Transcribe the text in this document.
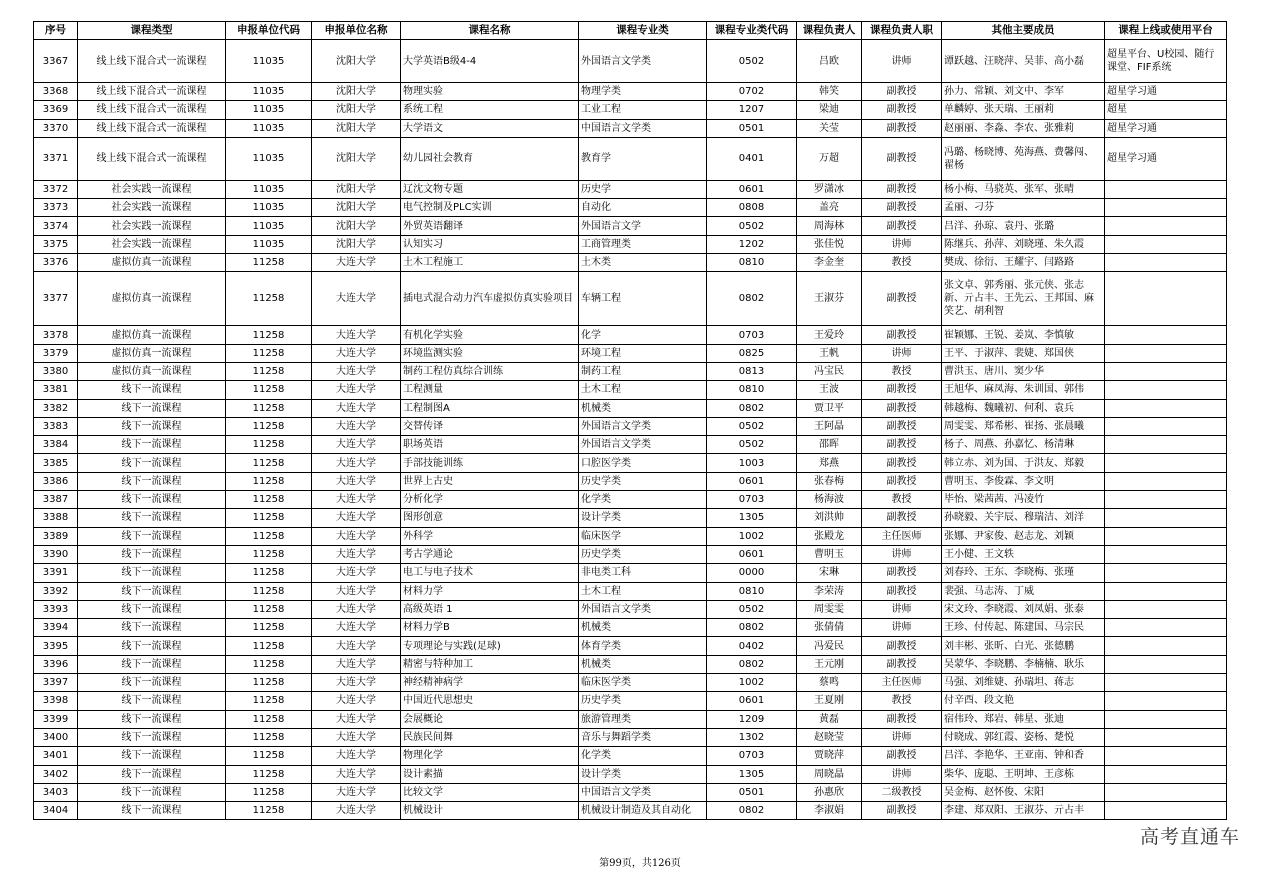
序号	课程类型	申报单位代码	申报单位名称	课程名称	课程专业类	课程专业类代码	课程负责人	课程负责人职	其他主要成员	课程上线或使用平台
3367	线上线下混合式一流课程	11035	沈阳大学	大学英语B级4-4	外国语言文学类	0502	吕欧	讲师	谭跃越、汪晓萍、吴菲、高小磊	超星平台、U校园、随行课堂、FIF系统
3368	线上线下混合式一流课程	11035	沈阳大学	物理实验	物理学类	0702	韩笑	副教授	孙力、常颖、刘文中、李军	超星学习通
3369	线上线下混合式一流课程	11035	沈阳大学	系统工程	工业工程	1207	梁迪	副教授	单麟婷、张天瑞、王丽莉	超星
3370	线上线下混合式一流课程	11035	沈阳大学	大学语文	中国语言文学类	0501	关莹	副教授	赵丽丽、李淼、李农、张雅莉	超星学习通
3371	线上线下混合式一流课程	11035	沈阳大学	幼儿园社会教育	教育学	0401	万超	副教授	冯璐、杨晓博、苑海燕、费馨闯、翟杨	超星学习通
3372	社会实践一流课程	11035	沈阳大学	辽沈文物专题	历史学	0601	罗潇冰	副教授	杨小梅、马骁英、张军、张晴	
3373	社会实践一流课程	11035	沈阳大学	电气控制及PLC实训	自动化	0808	盖亮	副教授	孟丽、刁芬	
3374	社会实践一流课程	11035	沈阳大学	外贸英语翻译	外国语言文学	0502	周海林	副教授	吕洋、孙琼、袁丹、张璐	
3375	社会实践一流课程	11035	沈阳大学	认知实习	工商管理类	1202	张佳悦	讲师	陈继兵、孙萍、刘晓瑾、朱久霞	
3376	虚拟仿真一流课程	11258	大连大学	土木工程施工	土木类	0810	李金奎	教授	樊成、徐衍、王耀宇、闫路路	
3377	虚拟仿真一流课程	11258	大连大学	插电式混合动力汽车虚拟仿真实验项目	车辆工程	0802	王淑芬	副教授	张文卓、郭秀丽、张元侠、张志新、亓占丰、王先云、王邦国、麻笑艺、胡利智	
3378	虚拟仿真一流课程	11258	大连大学	有机化学实验	化学	0703	王爱玲	副教授	崔颖娜、王锐、姜岚、李慎敏	
3379	虚拟仿真一流课程	11258	大连大学	环境监测实验	环境工程	0825	王帆	讲师	王平、于淑萍、裴婕、郑国侠	
3380	虚拟仿真一流课程	11258	大连大学	制药工程仿真综合训练	制药工程	0813	冯宝民	教授	曹洪玉、唐川、窦少华	
3381	线下一流课程	11258	大连大学	工程测量	土木工程	0810	王波	副教授	王旭华、麻凤海、朱训国、郭伟	
3382	线下一流课程	11258	大连大学	工程制图A	机械类	0802	贾卫平	副教授	韩越梅、魏曦初、何利、袁兵	
3383	线下一流课程	11258	大连大学	交替传译	外国语言文学类	0502	王阿晶	副教授	周雯雯、郑希彬、崔扬、张晨曦	
3384	线下一流课程	11258	大连大学	职场英语	外国语言文学类	0502	邵晖	副教授	杨子、周燕、孙嘉忆、杨清琳	
3385	线下一流课程	11258	大连大学	手部技能训练	口腔医学类	1003	郑燕	副教授	韩立赤、刘为国、于洪友、郑毅	
3386	线下一流课程	11258	大连大学	世界上古史	历史学类	0601	张春梅	副教授	曹明玉、李俊霖、李文明	
3387	线下一流课程	11258	大连大学	分析化学	化学类	0703	杨海波	教授	毕怡、梁茜茜、冯凌竹	
3388	线下一流课程	11258	大连大学	图形创意	设计学类	1305	刘洪帅	副教授	孙晓毅、关宇辰、穆瑞洁、刘洋	
3389	线下一流课程	11258	大连大学	外科学	临床医学	1002	张殿龙	主任医师	张娜、尹家俊、赵志龙、刘颖	
3390	线下一流课程	11258	大连大学	考古学通论	历史学类	0601	曹明玉	讲师	王小健、王文轶	
3391	线下一流课程	11258	大连大学	电工与电子技术	非电类工科	0000	宋琳	副教授	刘春玲、王东、李晓梅、张瑾	
3392	线下一流课程	11258	大连大学	材料力学	土木工程	0810	李荣涛	副教授	裴强、马志涛、丁威	
3393	线下一流课程	11258	大连大学	高级英语 1	外国语言文学类	0502	周雯雯	讲师	宋文玲、李晓霞、刘凤娟、张泰	
3394	线下一流课程	11258	大连大学	材料力学B	机械类	0802	张倩倩	讲师	王珍、付传起、陈建国、马宗民	
3395	线下一流课程	11258	大连大学	专项理论与实践(足球)	体育学类	0402	冯爱民	副教授	刘丰彬、张昕、白光、张德鹏	
3396	线下一流课程	11258	大连大学	精密与特种加工	机械类	0802	王元刚	副教授	吴蒙华、李晓鹏、李楠楠、耿乐	
3397	线下一流课程	11258	大连大学	神经精神病学	临床医学类	1002	蔡鸣	主任医师	马强、刘维婕、孙瑞坦、蒋志	
3398	线下一流课程	11258	大连大学	中国近代思想史	历史学类	0601	王夏刚	教授	付辛酉、段文艳	
3399	线下一流课程	11258	大连大学	会展概论	旅游管理类	1209	黄磊	副教授	宿伟玲、郑岩、韩星、张迪	
3400	线下一流课程	11258	大连大学	民族民间舞	音乐与舞蹈学类	1302	赵晓莹	讲师	付晓成、郭红霞、姿杨、楚悦	
3401	线下一流课程	11258	大连大学	物理化学	化学类	0703	贾晓萍	副教授	吕洋、李艳华、王亚南、钟和香	
3402	线下一流课程	11258	大连大学	设计素描	设计学类	1305	周晓晶	讲师	柴华、庞聪、王明坤、王彦栋	
3403	线下一流课程	11258	大连大学	比较文学	中国语言文学类	0501	孙惠欣	二级教授	吴金梅、赵怀俊、宋阳	
3404	线下一流课程	11258	大连大学	机械设计	机械设计制造及其自动化	0802	李淑娟	副教授	李建、郑双阳、王淑芬、亓占丰	
高考直通车
第99页，共126页
